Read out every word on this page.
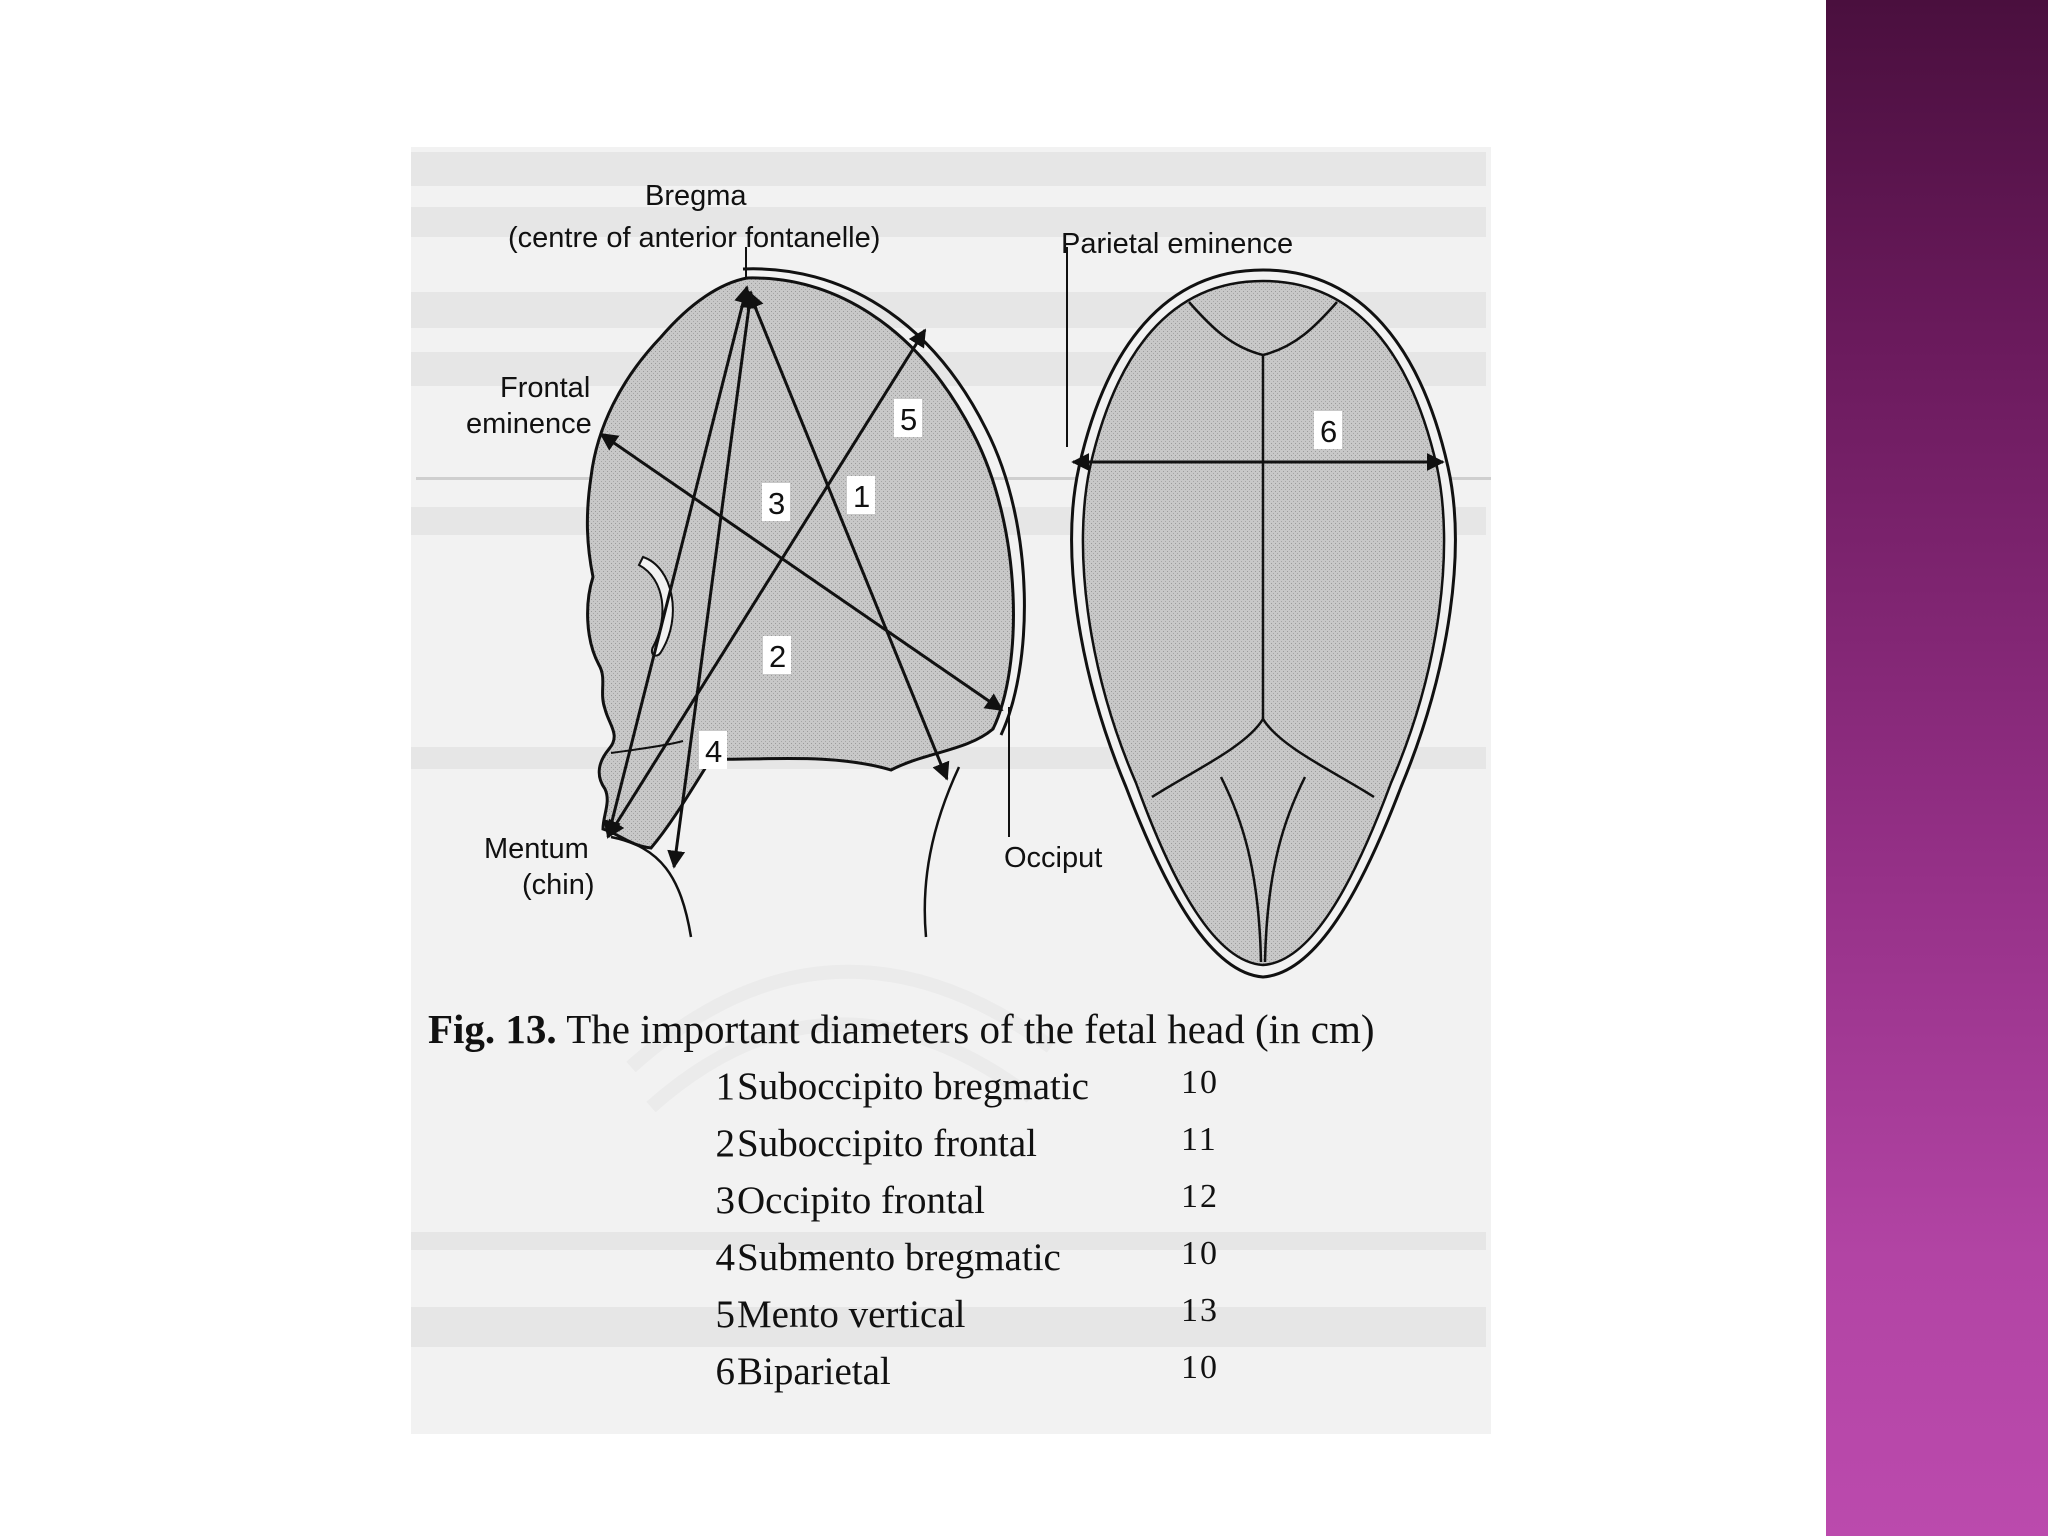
1
2
3
4
5	6
Bregma
(centre of anterior fontanelle)	Parietal eminence
Frontal
eminence
Mentum
(chin)
Occiput
Fig. 13. The important diameters of the fetal head (in cm)
1 Suboccipito bregmatic	10
2 Suboccipito frontal	11
3 Occipito frontal	12
4 Submento bregmatic	10
5 Mento vertical	13
6 Biparietal	10
